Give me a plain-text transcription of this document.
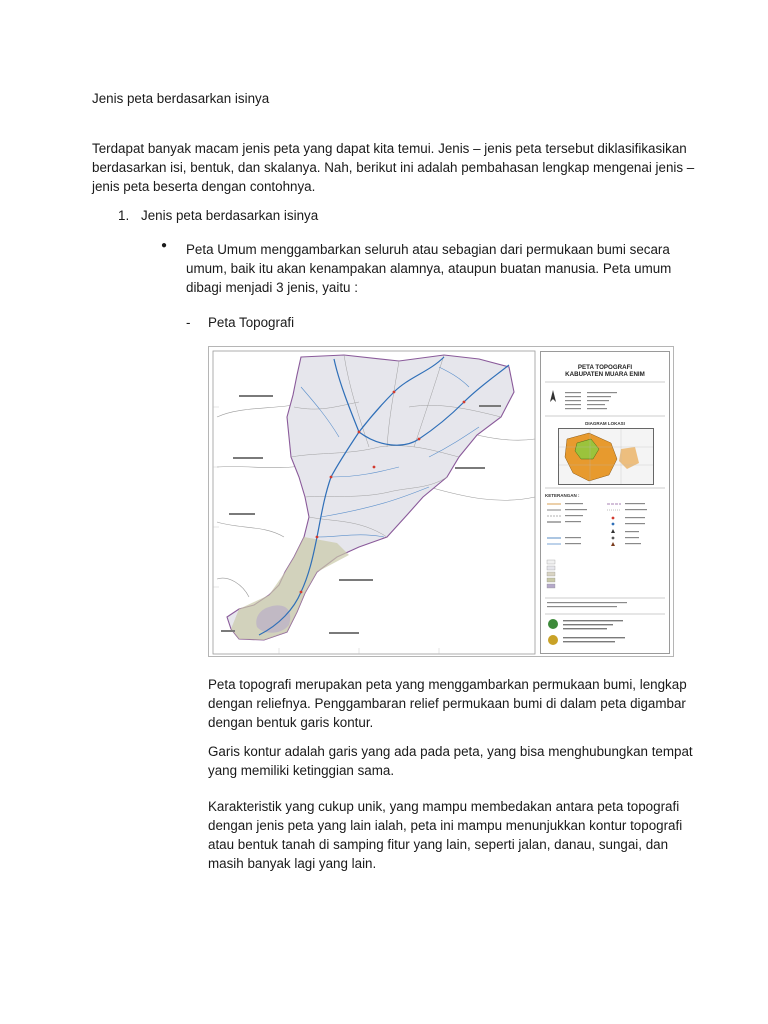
Jenis peta berdasarkan isinya
Terdapat banyak macam jenis peta yang dapat kita temui. Jenis – jenis peta tersebut diklasifikasikan
berdasarkan isi, bentuk, dan skalanya. Nah, berikut ini adalah pembahasan lengkap mengenai jenis –
jenis peta beserta dengan contohnya.
1. Jenis peta berdasarkan isinya
● Peta Umum menggambarkan seluruh atau sebagian dari permukaan bumi secara
umum, baik itu akan kenampakan alamnya, ataupun buatan manusia. Peta umum
dibagi menjadi 3 jenis, yaitu :
- Peta Topografi
PETA TOPOGRAFI
KABUPATEN MUARA ENIM
DIAGRAM LOKASI
KETERANGAN :
Peta topografi merupakan peta yang menggambarkan permukaan bumi, lengkap
dengan reliefnya. Penggambaran relief permukaan bumi di dalam peta digambar
dengan bentuk garis kontur.
Garis kontur adalah garis yang ada pada peta, yang bisa menghubungkan tempat
yang memiliki ketinggian sama.
Karakteristik yang cukup unik, yang mampu membedakan antara peta topografi
dengan jenis peta yang lain ialah, peta ini mampu menunjukkan kontur topografi
atau bentuk tanah di samping fitur yang lain, seperti jalan, danau, sungai, dan
masih banyak lagi yang lain.
